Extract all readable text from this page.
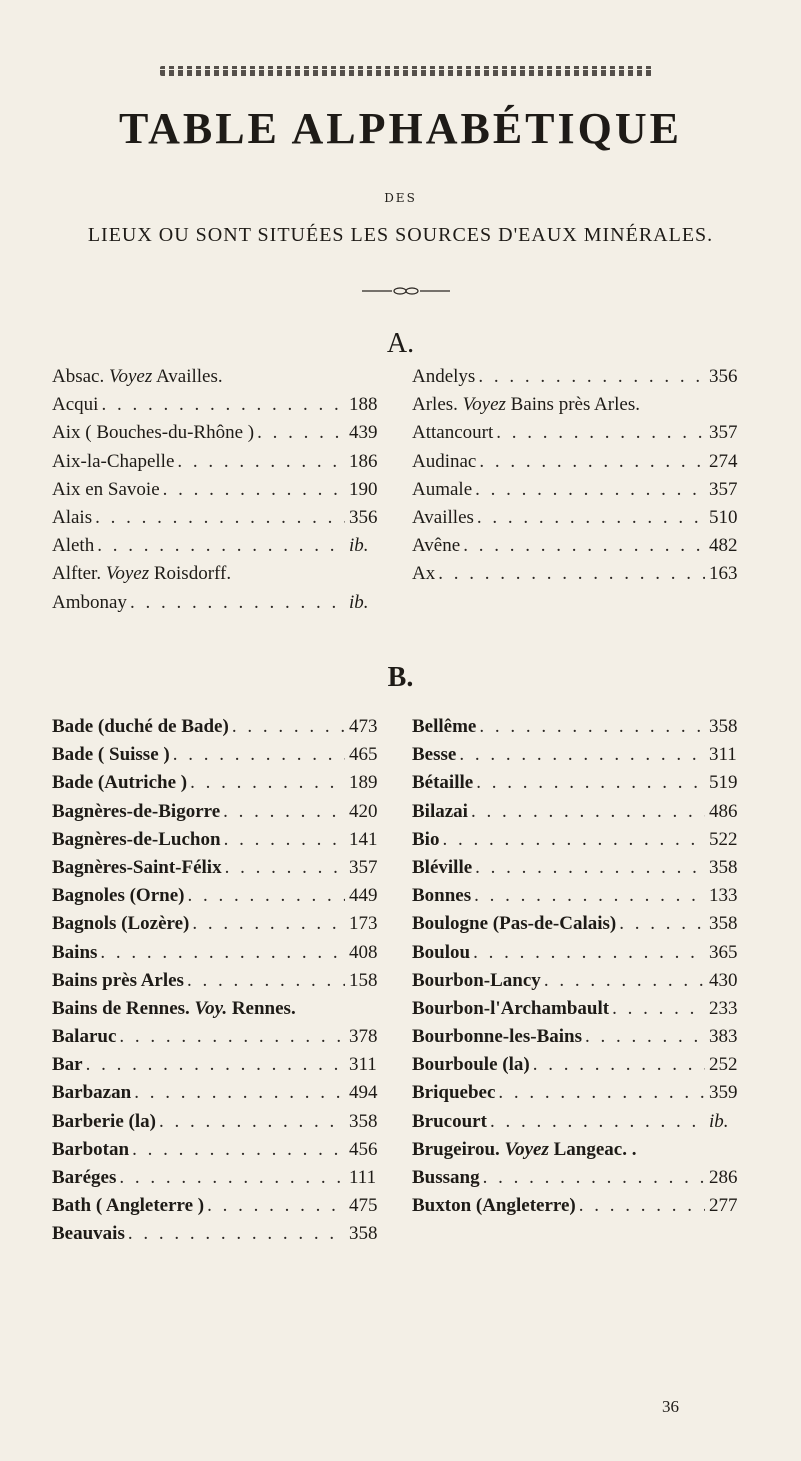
TABLE ALPHABÉTIQUE
DES
LIEUX OU SONT SITUÉES LES SOURCES D'EAUX MINÉRALES.
A.
Absac. Voyez Availles.
Acqui . . .	188
Aix ( Bouches-du-Rhône ) . . .	439
Aix-la-Chapelle . . .	186
Aix en Savoie . . .	190
Alais . . .	356
Aleth . . .	ib.
Alfter. Voyez Roisdorff.
Ambonay . . .	ib.
Andelys . . .	356
Arles. Voyez Bains près Arles.
Attancourt . . .	357
Audinac . . .	274
Aumale . . .	357
Availles . . .	510
Avêne . . .	482
Ax . . .	163
B.
Bade (duché de Bade) . . .	473
Bade ( Suisse ) . . .	465
Bade (Autriche ) . . .	189
Bagnères-de-Bigorre . . .	420
Bagnères-de-Luchon . . .	141
Bagnères-Saint-Félix . . .	357
Bagnoles (Orne) . . .	449
Bagnols (Lozère) . . .	173
Bains . . .	408
Bains près Arles . . .	158
Bains de Rennes. Voy. Rennes.
Balaruc . . .	378
Bar . . .	311
Barbazan . . .	494
Barberie (la) . . .	358
Barbotan . . .	456
Baréges . . .	111
Bath ( Angleterre ) . . .	475
Beauvais . . .	358
Bellême . . .	358
Besse . . .	311
Bétaille . . .	519
Bilazai . . .	486
Bio . . .	522
Bléville . . .	358
Bonnes . . .	133
Boulogne (Pas-de-Calais) . . .	358
Boulou . . .	365
Bourbon-Lancy . . .	430
Bourbon-l'Archambault . . .	233
Bourbonne-les-Bains . . .	383
Bourboule (la) . . .	252
Briquebec . . .	359
Brucourt . . .	ib.
Brugeirou. Voyez Langeac. .
Bussang . . .	286
Buxton (Angleterre) . . .	277
36
